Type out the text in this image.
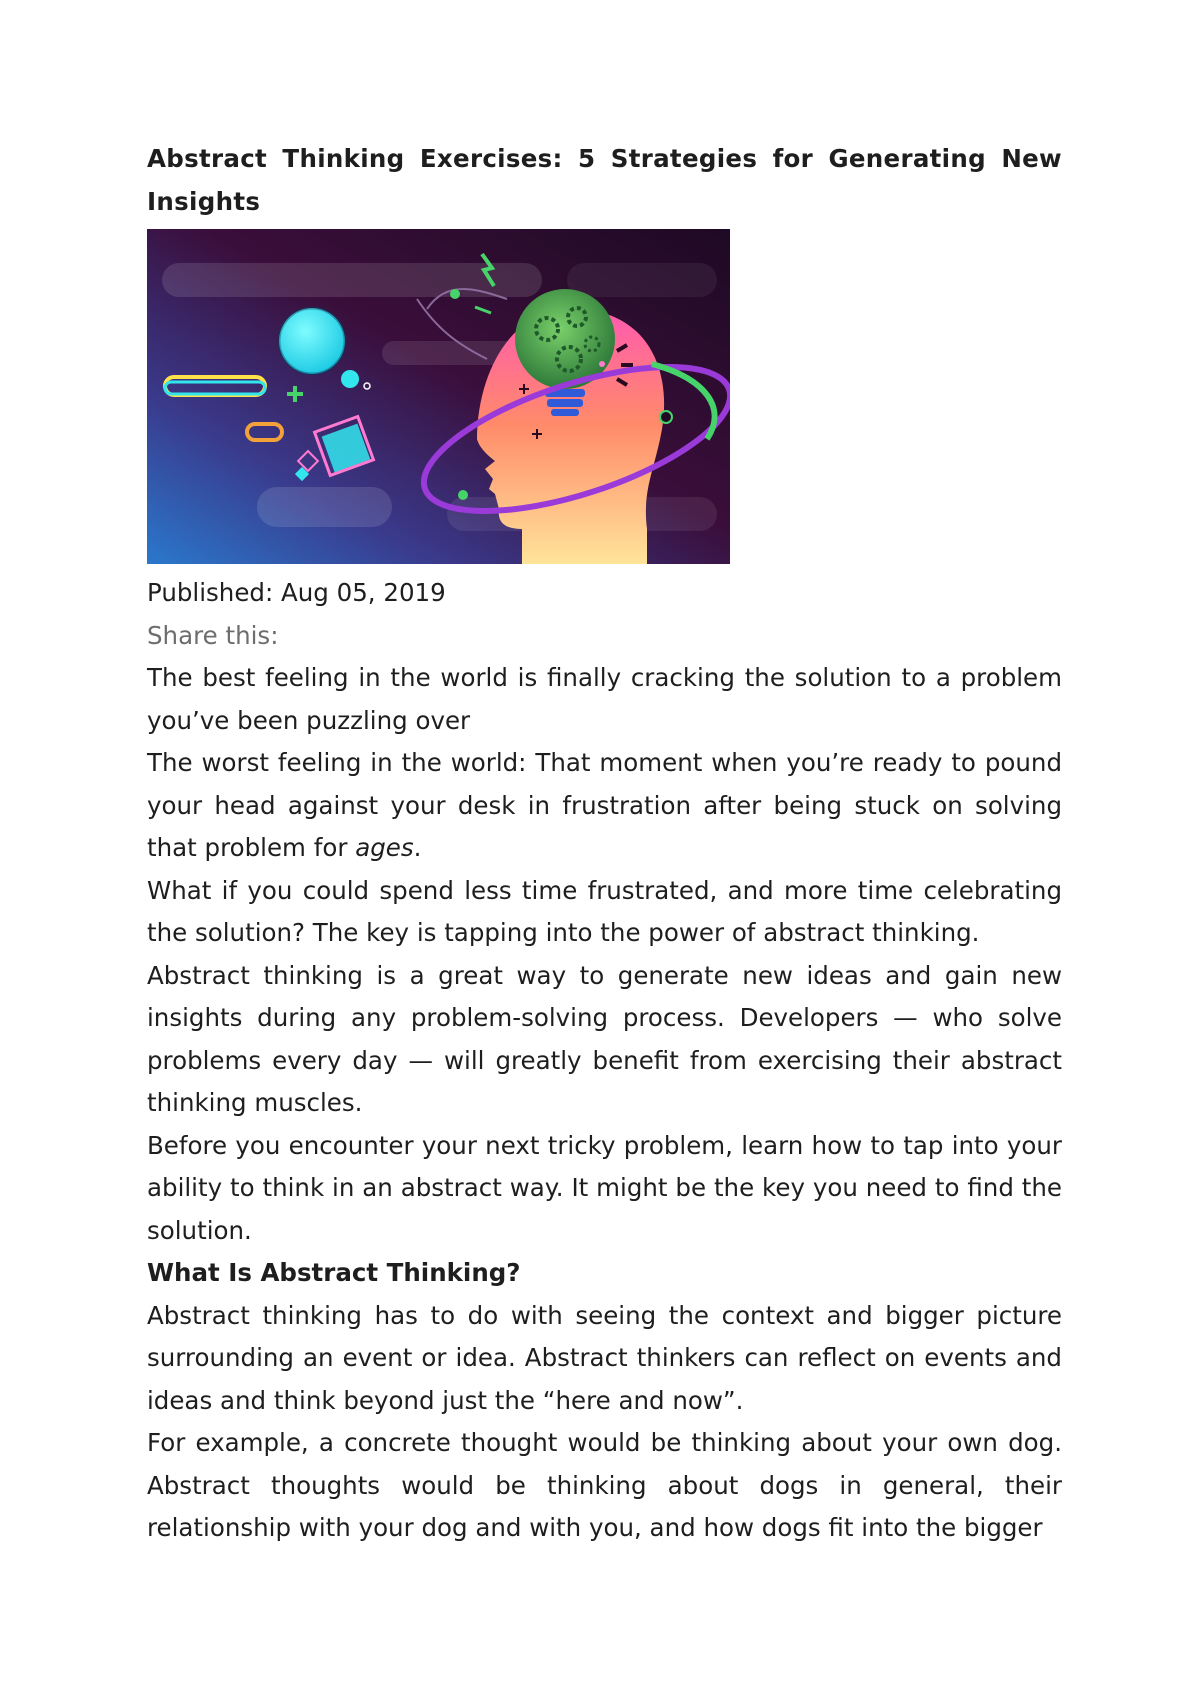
Abstract Thinking Exercises: 5 Strategies for Generating New Insights
Published: Aug 05, 2019
Share this:

The best feeling in the world is finally cracking the solution to a problem you’ve been puzzling over

The worst feeling in the world: That moment when you’re ready to pound your head against your desk in frustration after being stuck on solving that problem for ages.

What if you could spend less time frustrated, and more time celebrating the solution? The key is tapping into the power of abstract thinking.

Abstract thinking is a great way to generate new ideas and gain new insights during any problem-solving process. Developers — who solve problems every day — will greatly benefit from exercising their abstract thinking muscles.

Before you encounter your next tricky problem, learn how to tap into your ability to think in an abstract way. It might be the key you need to find the solution.

What Is Abstract Thinking?

Abstract thinking has to do with seeing the context and bigger picture surrounding an event or idea. Abstract thinkers can reflect on events and ideas and think beyond just the “here and now”.

For example, a concrete thought would be thinking about your own dog. Abstract thoughts would be thinking about dogs in general, their relationship with your dog and with you, and how dogs fit into the bigger
